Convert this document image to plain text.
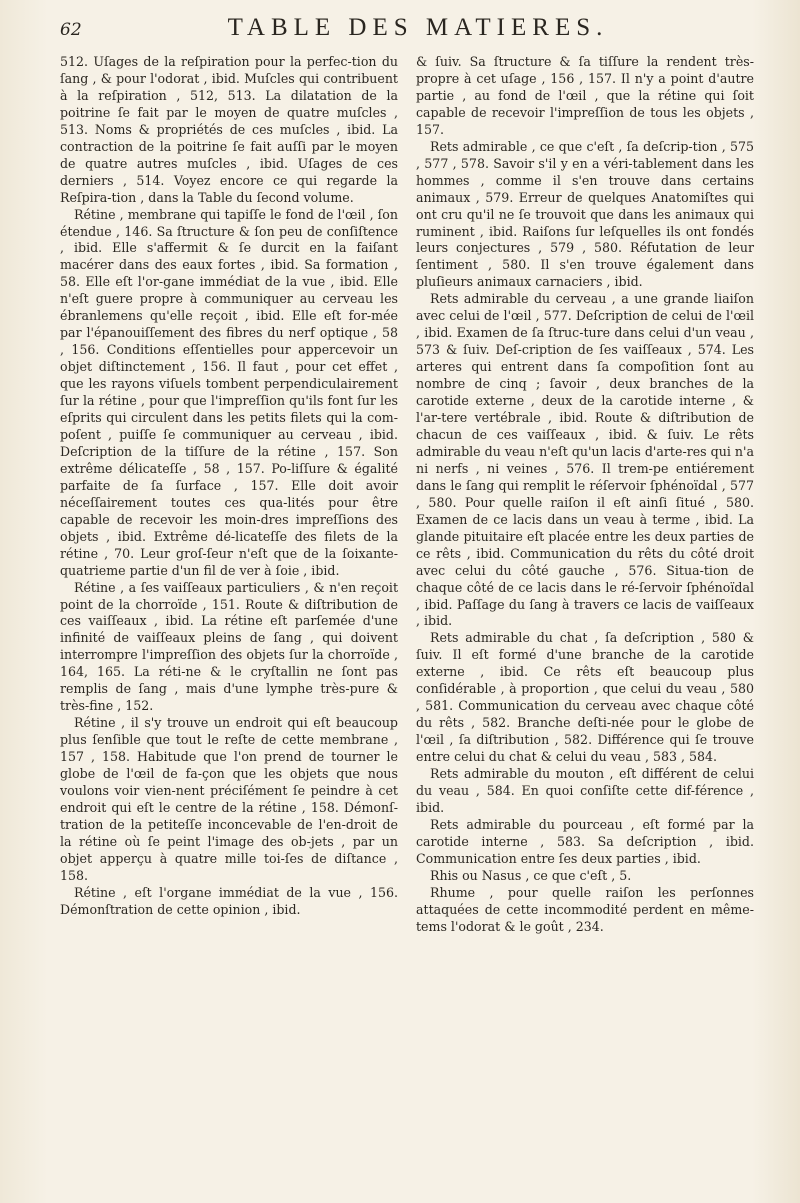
62	TABLE DES MATIERES.

512. Uſages de la reſpiration pour la perfec-tion du ſang , & pour l'odorat , ibid. Muſcles qui contribuent à la reſpiration , 512, 513. La dilatation de la poitrine ſe fait par le moyen de quatre muſcles , 513. Noms & propriétés de ces muſcles , ibid. La contraction de la poitrine ſe fait auſſi par le moyen de quatre autres muſcles , ibid. Uſages de ces derniers , 514. Voyez encore ce qui regarde la Reſpira-tion , dans la Table du ſecond volume.

Rétine , membrane qui tapiſſe le fond de l'œil , ſon étendue , 146. Sa ſtructure & ſon peu de conſiſtence , ibid. Elle s'affermit & ſe durcit en la faiſant macérer dans des eaux fortes , ibid. Sa formation , 58. Elle eſt l'or-gane immédiat de la vue , ibid. Elle n'eſt guere propre à communiquer au cerveau les ébranlemens qu'elle reçoit , ibid. Elle eſt for-mée par l'épanouiſſement des fibres du nerf optique , 58 , 156. Conditions eſſentielles pour appercevoir un objet diſtinctement , 156. Il faut , pour cet effet , que les rayons viſuels tombent perpendiculairement ſur la rétine , pour que l'impreſſion qu'ils font ſur les eſprits qui circulent dans les petits filets qui la com-poſent , puiſſe ſe communiquer au cerveau , ibid. Deſcription de la tiſſure de la rétine , 157. Son extrême délicateſſe , 58 , 157. Po-liſſure & égalité parfaite de ſa ſurface , 157. Elle doit avoir néceſſairement toutes ces qua-lités pour être capable de recevoir les moin-dres impreſſions des objets , ibid. Extrême dé-licateſſe des filets de la rétine , 70. Leur groſ-ſeur n'eſt que de la ſoixante-quatrieme partie d'un fil de ver à ſoie , ibid.

Rétine , a ſes vaiſſeaux particuliers , & n'en reçoit point de la chorroïde , 151. Route & diſtribution de ces vaiſſeaux , ibid. La rétine eſt parſemée d'une infinité de vaiſſeaux pleins de ſang , qui doivent interrompre l'impreſſion des objets ſur la chorroïde , 164, 165. La réti-ne & le cryſtallin ne ſont pas remplis de ſang , mais d'une lymphe très-pure & très-fine , 152.

Rétine , il s'y trouve un endroit qui eſt beaucoup plus ſenſible que tout le reſte de cette membrane , 157 , 158. Habitude que l'on prend de tourner le globe de l'œil de fa-çon que les objets que nous voulons voir vien-nent préciſément ſe peindre à cet endroit qui eſt le centre de la rétine , 158. Démonſ-tration de la petiteſſe inconcevable de l'en-droit de la rétine où ſe peint l'image des ob-jets , par un objet apperçu à quatre mille toi-ſes de diſtance , 158.

Rétine , eſt l'organe immédiat de la vue , 156. Démonſtration de cette opinion , ibid.

& ſuiv. Sa ſtructure & ſa tiſſure la rendent très-propre à cet uſage , 156 , 157. Il n'y a point d'autre partie , au fond de l'œil , que la rétine qui ſoit capable de recevoir l'impreſſion de tous les objets , 157.

Rets admirable , ce que c'eſt , ſa deſcrip-tion , 575 , 577 , 578. Savoir s'il y en a véri-tablement dans les hommes , comme il s'en trouve dans certains animaux , 579. Erreur de quelques Anatomiſtes qui ont cru qu'il ne ſe trouvoit que dans les animaux qui ruminent , ibid. Raiſons ſur leſquelles ils ont fondés leurs conjectures , 579 , 580. Réfutation de leur ſentiment , 580. Il s'en trouve également dans pluſieurs animaux carnaciers , ibid.

Rets admirable du cerveau , a une grande liaiſon avec celui de l'œil , 577. Deſcription de celui de l'œil , ibid. Examen de ſa ſtruc-ture dans celui d'un veau , 573 & ſuiv. Deſ-cription de ſes vaiſſeaux , 574. Les arteres qui entrent dans ſa compoſition ſont au nombre de cinq ; ſavoir , deux branches de la carotide externe , deux de la carotide interne , & l'ar-tere vertébrale , ibid. Route & diſtribution de chacun de ces vaiſſeaux , ibid. & ſuiv. Le rêts admirable du veau n'eſt qu'un lacis d'arte-res qui n'a ni nerfs , ni veines , 576. Il trem-pe entiérement dans le ſang qui remplit le réſervoir ſphénoïdal , 577 , 580. Pour quelle raiſon il eſt ainſi ſitué , 580. Examen de ce lacis dans un veau à terme , ibid. La glande pituitaire eſt placée entre les deux parties de ce rêts , ibid. Communication du rêts du côté droit avec celui du côté gauche , 576. Situa-tion de chaque côté de ce lacis dans le ré-ſervoir ſphénoïdal , ibid. Paſſage du ſang à travers ce lacis de vaiſſeaux , ibid.

Rets admirable du chat , ſa deſcription , 580 & ſuiv. Il eſt formé d'une branche de la carotide externe , ibid. Ce rêts eſt beaucoup plus conſidérable , à proportion , que celui du veau , 580 , 581. Communication du cerveau avec chaque côté du rêts , 582. Branche deſti-née pour le globe de l'œil , ſa diſtribution , 582. Différence qui ſe trouve entre celui du chat & celui du veau , 583 , 584.

Rets admirable du mouton , eſt différent de celui du veau , 584. En quoi conſiſte cette dif-férence , ibid.

Rets admirable du pourceau , eſt formé par la carotide interne , 583. Sa deſcription , ibid. Communication entre ſes deux parties , ibid.

Rhis ou Nasus , ce que c'eſt , 5.

Rhume , pour quelle raiſon les perſonnes attaquées de cette incommodité perdent en même-tems l'odorat & le goût , 234.
